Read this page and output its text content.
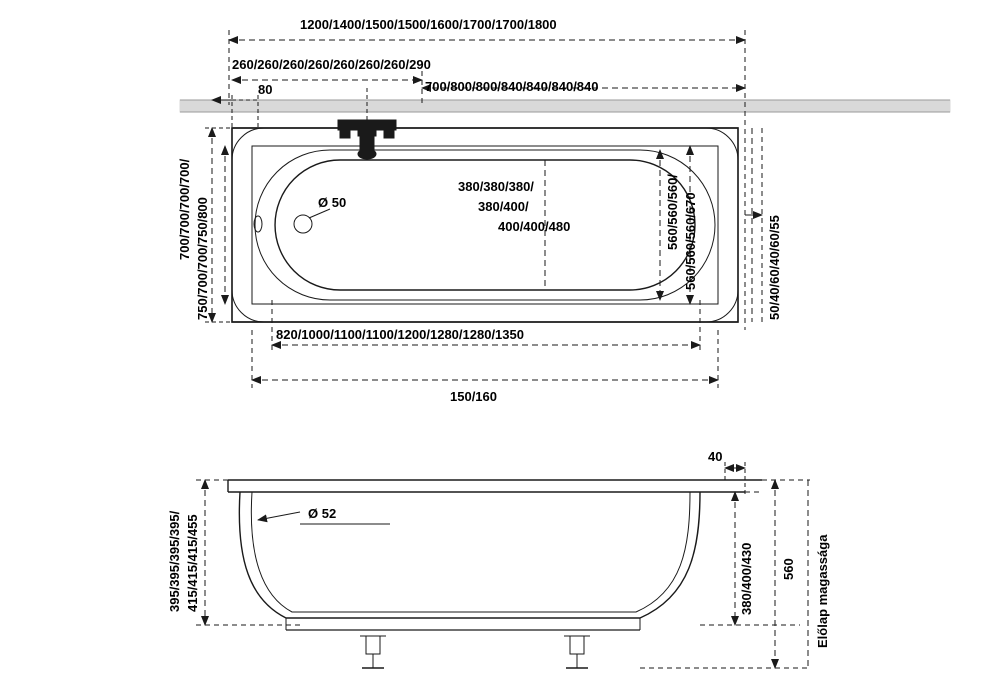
1200/1400/1500/1500/1600/1700/1700/1800
260/260/260/260/260/260/260/290
80	700/800/800/840/840/840/840
Ø 50
380/380/380/
380/400/
400/400/480
820/1000/1100/1100/1200/1280/1280/1350
150/160
700/700/700/700/ 750/700/700/750/800	560/560/560/ 560/560/560/670	50/40/60/40/60/55
395/395/395/395/ 415/415/415/455
Ø 52
40
380/400/430 560 Előlap magassága
